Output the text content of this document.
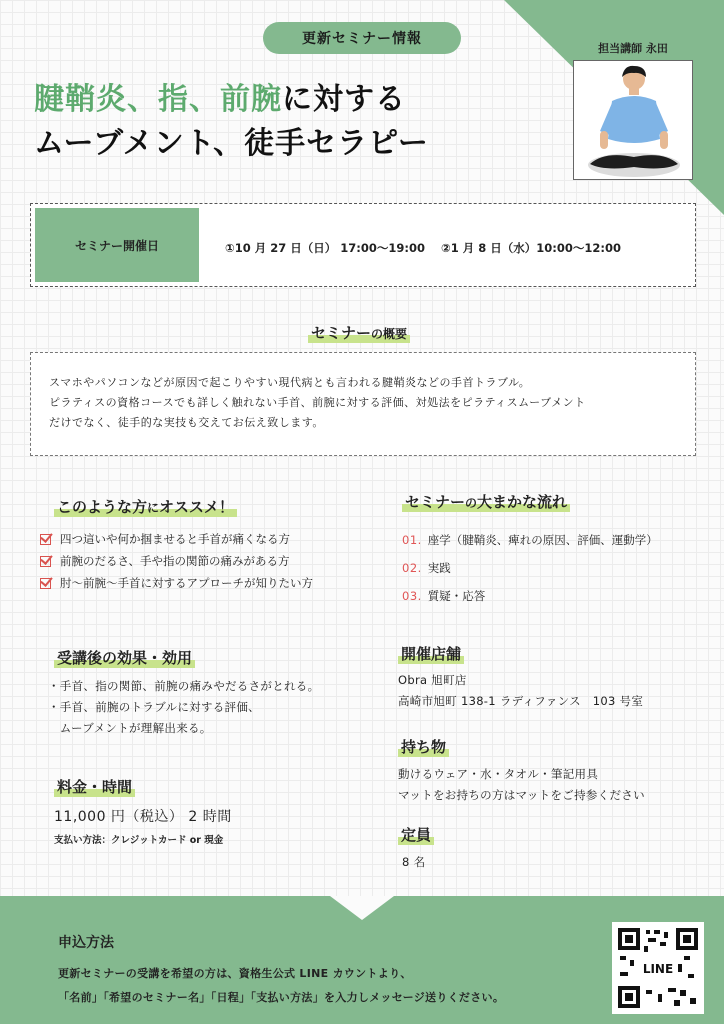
更新セミナー情報
腱鞘炎、指、前腕に対する
ムーブメント、徒手セラピー
担当講師 永田
セミナー開催日	①10 月 27 日（日） 17:00～19:00    ②1 月 8 日（水）10:00～12:00
セミナーの概要
スマホやパソコンなどが原因で起こりやすい現代病とも言われる腱鞘炎などの手首トラブル。
ピラティスの資格コースでも詳しく触れない手首、前腕に対する評価、対処法をピラティスムーブメント
だけでなく、徒手的な実技も交えてお伝え致します。
このような方にオススメ！
四つ這いや何か掴ませると手首が痛くなる方
前腕のだるさ、手や指の関節の痛みがある方
肘～前腕～手首に対するアプローチが知りたい方
セミナーの大まかな流れ
01. 座学（腱鞘炎、痺れの原因、評価、運動学）
02. 実践
03. 質疑・応答
受講後の効果・効用
・手首、指の関節、前腕の痛みやだるさがとれる。
・手首、前腕のトラブルに対する評価、
　ムーブメントが理解出来る。
料金・時間
11,000 円（税込） 2 時間
支払い方法：クレジットカード or 現金
開催店舗
Obra 旭町店
高崎市旭町 138-1 ラディファンス　103 号室
持ち物
動けるウェア・水・タオル・筆記用具
マットをお持ちの方はマットをご持参ください
定員
8 名
申込方法
更新セミナーの受講を希望の方は、資格生公式 LINE カウントより、
「名前」「希望のセミナー名」「日程」「支払い方法」を入力しメッセージ送りください。
LINE
